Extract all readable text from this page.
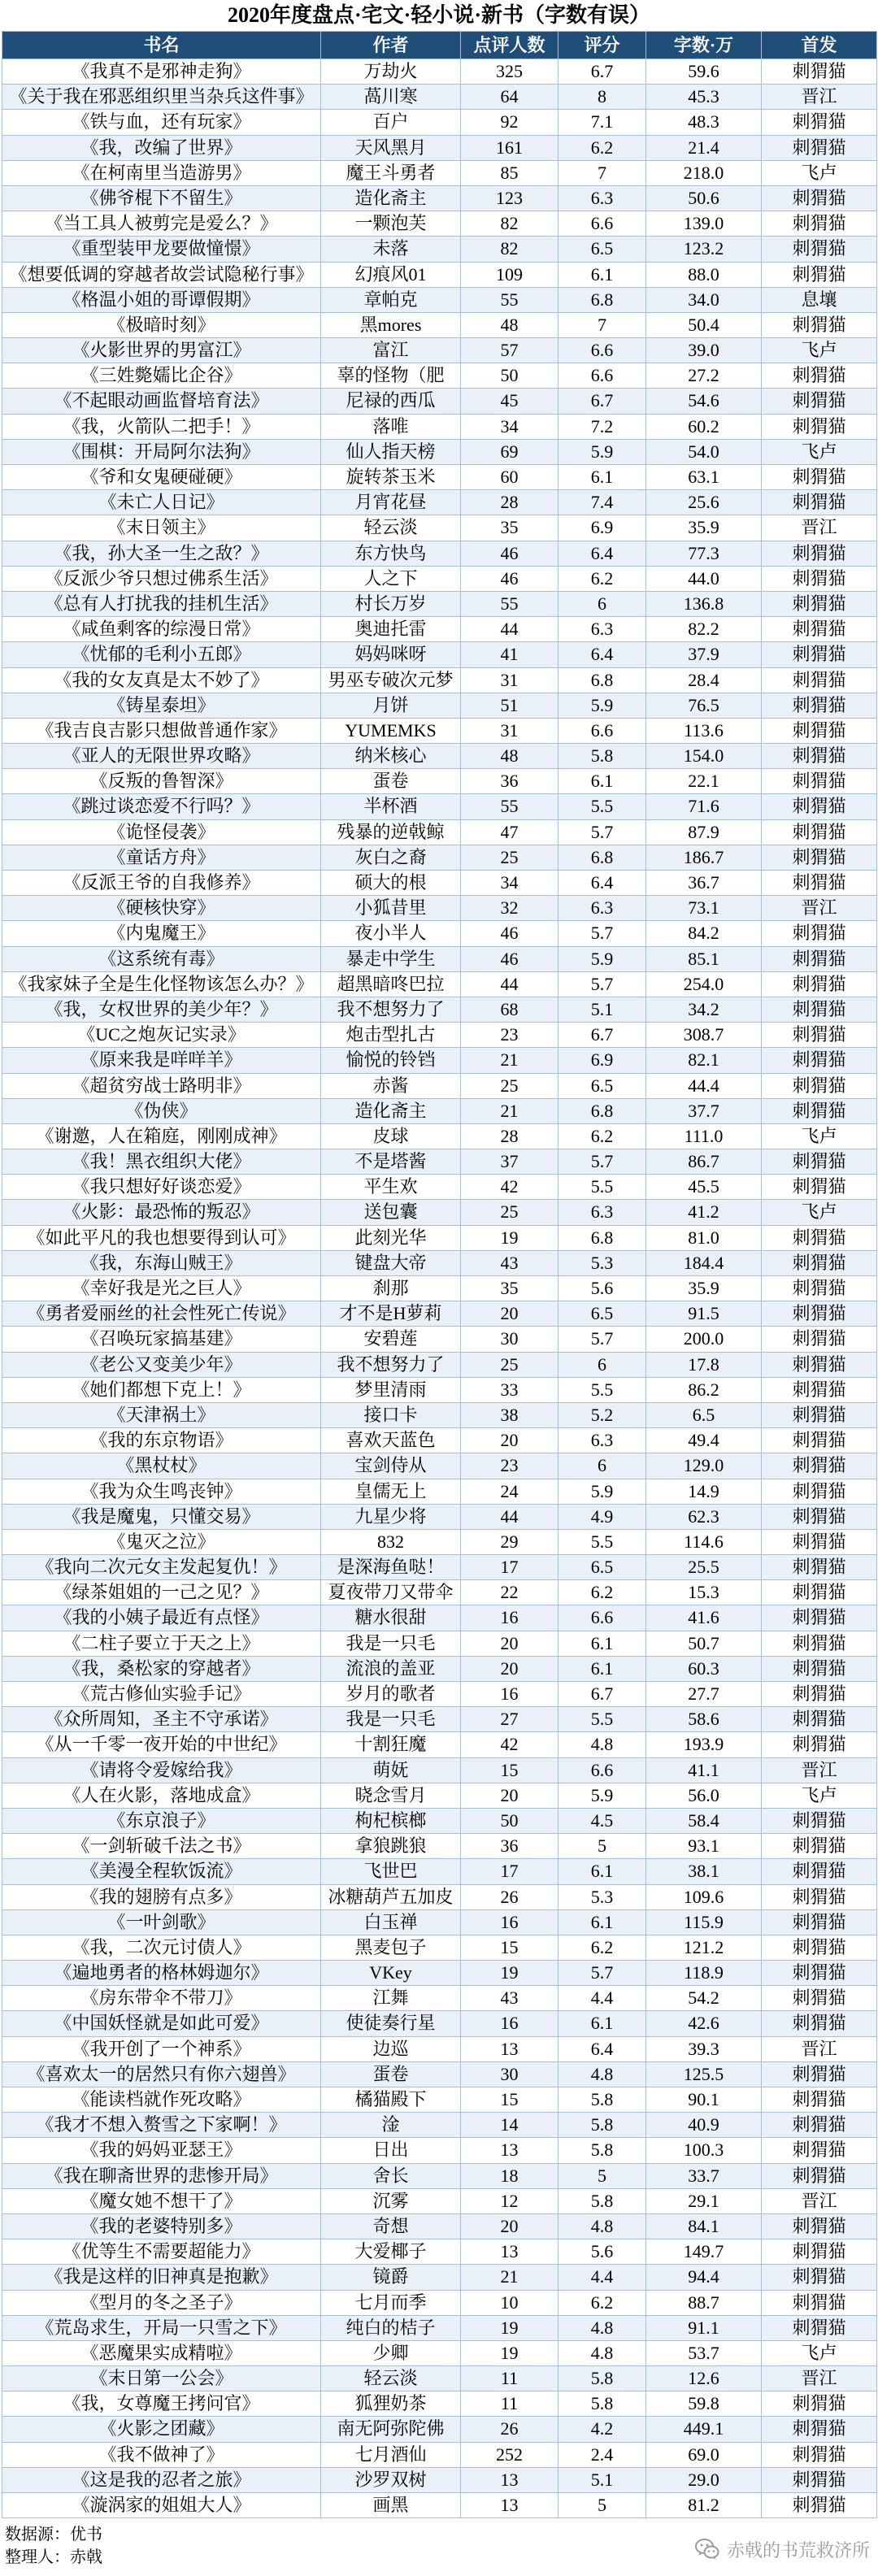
2020年度盘点·宅文·轻小说·新书（字数有误）
书名	作者	点评人数	评分	字数·万	首发
《我真不是邪神走狗》	万劫火	325	6.7	59.6	刺猬猫
《关于我在邪恶组织里当杂兵这件事》	萵川寒	64	8	45.3	晋江
《铁与血，还有玩家》	百户	92	7.1	48.3	刺猬猫
《我，改编了世界》	天风黑月	161	6.2	21.4	刺猬猫
《在柯南里当造游男》	魔王斗勇者	85	7	218.0	飞卢
《佛爷棍下不留生》	造化斋主	123	6.3	50.6	刺猬猫
《当工具人被剪完是爱么？》	一颗泡芙	82	6.6	139.0	刺猬猫
《重型装甲龙要做憧憬》	未落	82	6.5	123.2	刺猬猫
《想要低调的穿越者故尝试隐秘行事》	幻痕风01	109	6.1	88.0	刺猬猫
《格温小姐的哥谭假期》	章帕克	55	6.8	34.0	息壤
《极暗时刻》	黑mores	48	7	50.4	刺猬猫
《火影世界的男富江》	富江	57	6.6	39.0	飞卢
《三姓斃嬬比企谷》	辜的怪物（肥	50	6.6	27.2	刺猬猫
《不起眼动画监督培育法》	尼禄的西瓜	45	6.7	54.6	刺猬猫
《我，火箭队二把手！》	落唯	34	7.2	60.2	刺猬猫
《围棋：开局阿尔法狗》	仙人指天榜	69	5.9	54.0	飞卢
《爷和女鬼硬碰硬》	旋转茶玉米	60	6.1	63.1	刺猬猫
《未亡人日记》	月宵花昼	28	7.4	25.6	刺猬猫
《末日领主》	轻云淡	35	6.9	35.9	晋江
《我，孙大圣一生之敌？》	东方快鸟	46	6.4	77.3	刺猬猫
《反派少爷只想过佛系生活》	人之下	46	6.2	44.0	刺猬猫
《总有人打扰我的挂机生活》	村长万岁	55	6	136.8	刺猬猫
《咸鱼剩客的综漫日常》	奥迪托雷	44	6.3	82.2	刺猬猫
《忧郁的毛利小五郎》	妈妈咪呀	41	6.4	37.9	刺猬猫
《我的女友真是太不妙了》	男巫专破次元梦	31	6.8	28.4	刺猬猫
《铸星泰坦》	月饼	51	5.9	76.5	刺猬猫
《我吉良吉影只想做普通作家》	YUMEMKS	31	6.6	113.6	刺猬猫
《亚人的无限世界攻略》	纳米核心	48	5.8	154.0	刺猬猫
《反叛的鲁智深》	蛋卷	36	6.1	22.1	刺猬猫
《跳过谈恋爱不行吗？》	半杯酒	55	5.5	71.6	刺猬猫
《诡怪侵袭》	残暴的逆戟鲸	47	5.7	87.9	刺猬猫
《童话方舟》	灰白之裔	25	6.8	186.7	刺猬猫
《反派王爷的自我修养》	硕大的根	34	6.4	36.7	刺猬猫
《硬核快穿》	小狐昔里	32	6.3	73.1	晋江
《内鬼魔王》	夜小半人	46	5.7	84.2	刺猬猫
《这系统有毒》	暴走中学生	46	5.9	85.1	刺猬猫
《我家妹子全是生化怪物该怎么办？》	超黑暗咚巴拉	44	5.7	254.0	刺猬猫
《我，女权世界的美少年？》	我不想努力了	68	5.1	34.2	刺猬猫
《UC之炮灰记实录》	炮击型扎古	23	6.7	308.7	刺猬猫
《原来我是咩咩羊》	愉悦的铃铛	21	6.9	82.1	刺猬猫
《超贫穷战士路明非》	赤酱	25	6.5	44.4	刺猬猫
《伪侠》	造化斋主	21	6.8	37.7	刺猬猫
《谢邀，人在箱庭，刚刚成神》	皮球	28	6.2	111.0	飞卢
《我！黑衣组织大佬》	不是塔酱	37	5.7	86.7	刺猬猫
《我只想好好谈恋爱》	平生欢	42	5.5	45.5	刺猬猫
《火影：最恐怖的叛忍》	送包囊	25	6.3	41.2	飞卢
《如此平凡的我也想要得到认可》	此刻光华	19	6.8	81.0	刺猬猫
《我，东海山贼王》	键盘大帝	43	5.3	184.4	刺猬猫
《幸好我是光之巨人》	刹那	35	5.6	35.9	刺猬猫
《勇者爱丽丝的社会性死亡传说》	才不是H萝莉	20	6.5	91.5	刺猬猫
《召唤玩家搞基建》	安碧莲	30	5.7	200.0	刺猬猫
《老公又变美少年》	我不想努力了	25	6	17.8	刺猬猫
《她们都想下克上！》	梦里清雨	33	5.5	86.2	刺猬猫
《天津祸土》	接口卡	38	5.2	6.5	刺猬猫
《我的东京物语》	喜欢天蓝色	20	6.3	49.4	刺猬猫
《黑杖杖》	宝剑侍从	23	6	129.0	刺猬猫
《我为众生鸣丧钟》	皇儒无上	24	5.9	14.9	刺猬猫
《我是魔鬼，只懂交易》	九星少将	44	4.9	62.3	刺猬猫
《鬼灭之泣》	832	29	5.5	114.6	刺猬猫
《我向二次元女主发起复仇！》	是深海鱼哒！	17	6.5	25.5	刺猬猫
《绿茶姐姐的一己之见？》	夏夜带刀又带伞	22	6.2	15.3	刺猬猫
《我的小姨子最近有点怪》	糖水很甜	16	6.6	41.6	刺猬猫
《二柱子要立于天之上》	我是一只毛	20	6.1	50.7	刺猬猫
《我，桑松家的穿越者》	流浪的盖亚	20	6.1	60.3	刺猬猫
《荒古修仙实验手记》	岁月的歌者	16	6.7	27.7	刺猬猫
《众所周知，圣主不守承诺》	我是一只毛	27	5.5	58.6	刺猬猫
《从一千零一夜开始的中世纪》	十割狂魔	42	4.8	193.9	刺猬猫
《请将令爱嫁给我》	萌妩	15	6.6	41.1	晋江
《人在火影，落地成盒》	晓念雪月	20	5.9	56.0	飞卢
《东京浪子》	枸杞槟榔	50	4.5	58.4	刺猬猫
《一剑斩破千法之书》	拿狼跳狼	36	5	93.1	刺猬猫
《美漫全程软饭流》	飞世巴	17	6.1	38.1	刺猬猫
《我的翅膀有点多》	冰糖葫芦五加皮	26	5.3	109.6	刺猬猫
《一叶剑歌》	白玉禅	16	6.1	115.9	刺猬猫
《我，二次元讨债人》	黑麦包子	15	6.2	121.2	刺猬猫
《遍地勇者的格林姆迦尔》	VKey	19	5.7	118.9	刺猬猫
《房东带伞不带刀》	江舞	43	4.4	54.2	刺猬猫
《中国妖怪就是如此可爱》	使徒奏行星	16	6.1	42.6	刺猬猫
《我开创了一个神系》	边巡	13	6.4	39.3	晋江
《喜欢太一的居然只有你六翅兽》	蛋卷	30	4.8	125.5	刺猬猫
《能读档就作死攻略》	橘猫殿下	15	5.8	90.1	刺猬猫
《我才不想入赘雪之下家啊！》	淦	14	5.8	40.9	刺猬猫
《我的妈妈亚瑟王》	日出	13	5.8	100.3	刺猬猫
《我在聊斋世界的悲惨开局》	舍长	18	5	33.7	刺猬猫
《魔女她不想干了》	沉雾	12	5.8	29.1	晋江
《我的老婆特别多》	奇想	20	4.8	84.1	刺猬猫
《优等生不需要超能力》	大爱椰子	13	5.6	149.7	刺猬猫
《我是这样的旧神真是抱歉》	镜爵	21	4.4	94.4	刺猬猫
《型月的冬之圣子》	七月而季	10	6.2	88.7	刺猬猫
《荒岛求生，开局一只雪之下》	纯白的桔子	19	4.8	91.1	刺猬猫
《恶魔果实成精啦》	少卿	19	4.8	53.7	飞卢
《末日第一公会》	轻云淡	11	5.8	12.6	晋江
《我，女尊魔王拷问官》	狐狸奶茶	11	5.8	59.8	刺猬猫
《火影之团藏》	南无阿弥陀佛	26	4.2	449.1	刺猬猫
《我不做神了》	七月酒仙	252	2.4	69.0	刺猬猫
《这是我的忍者之旅》	沙罗双树	13	5.1	29.0	刺猬猫
《漩涡家的姐姐大人》	画黑	13	5	81.2	刺猬猫
数据源：优书
整理人：赤戟	赤戟的书荒救济所
